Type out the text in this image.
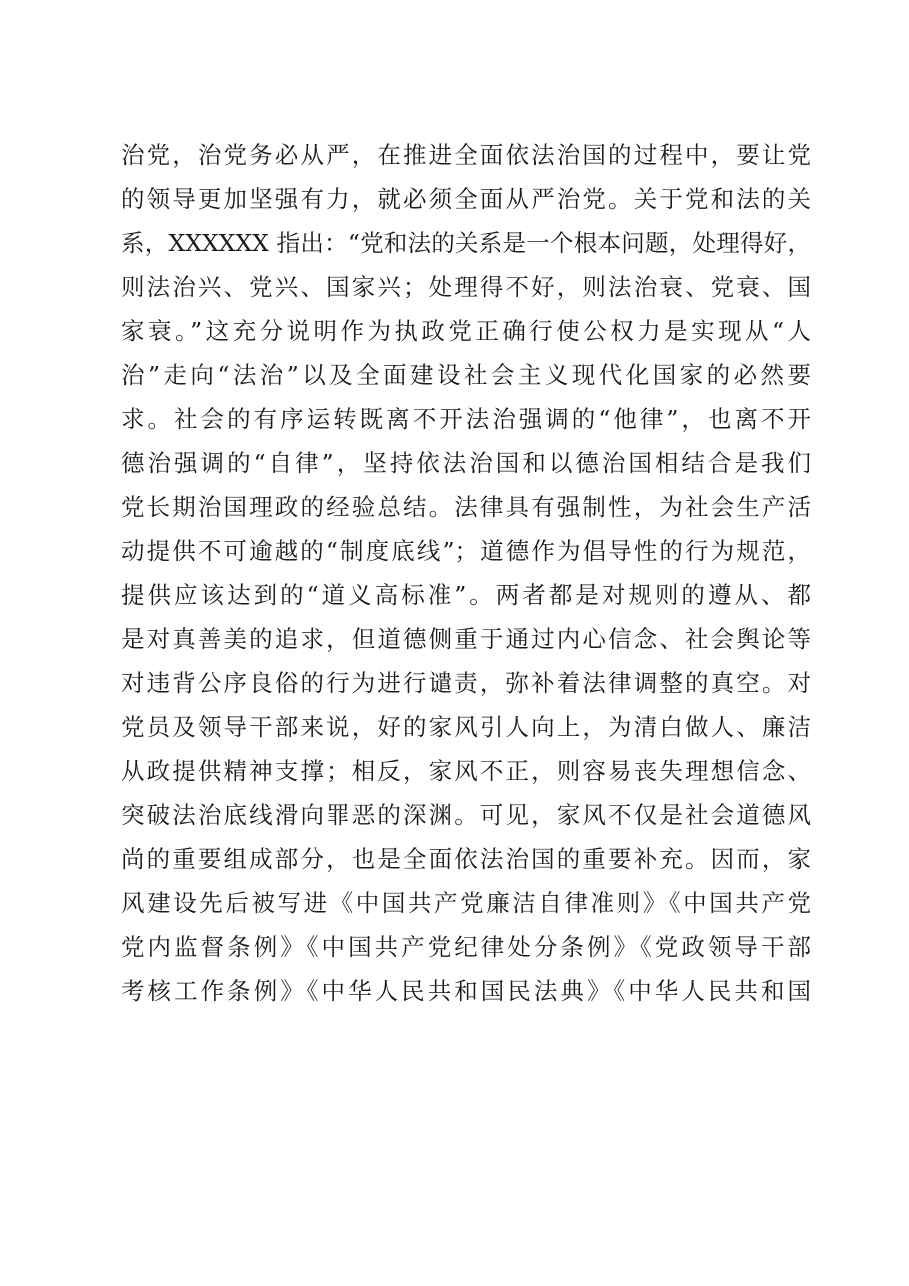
治党，治党务必从严，在推进全面依法治国的过程中，要让党
的领导更加坚强有力，就必须全面从严治党。关于党和法的关
系，XXXXXX 指出：“党和法的关系是一个根本问题，处理得好，
则法治兴、党兴、国家兴；处理得不好，则法治衰、党衰、国
家衰。”这充分说明作为执政党正确行使公权力是实现从“人
治”走向“法治”以及全面建设社会主义现代化国家的必然要
求。社会的有序运转既离不开法治强调的“他律”，也离不开
德治强调的“自律”，坚持依法治国和以德治国相结合是我们
党长期治国理政的经验总结。法律具有强制性，为社会生产活
动提供不可逾越的“制度底线”；道德作为倡导性的行为规范，
提供应该达到的“道义高标准”。两者都是对规则的遵从、都
是对真善美的追求，但道德侧重于通过内心信念、社会舆论等
对违背公序良俗的行为进行谴责，弥补着法律调整的真空。对
党员及领导干部来说，好的家风引人向上，为清白做人、廉洁
从政提供精神支撑；相反，家风不正，则容易丧失理想信念、
突破法治底线滑向罪恶的深渊。可见，家风不仅是社会道德风
尚的重要组成部分，也是全面依法治国的重要补充。因而，家
风建设先后被写进《中国共产党廉洁自律准则》《中国共产党
党内监督条例》《中国共产党纪律处分条例》《党政领导干部
考核工作条例》《中华人民共和国民法典》《中华人民共和国
